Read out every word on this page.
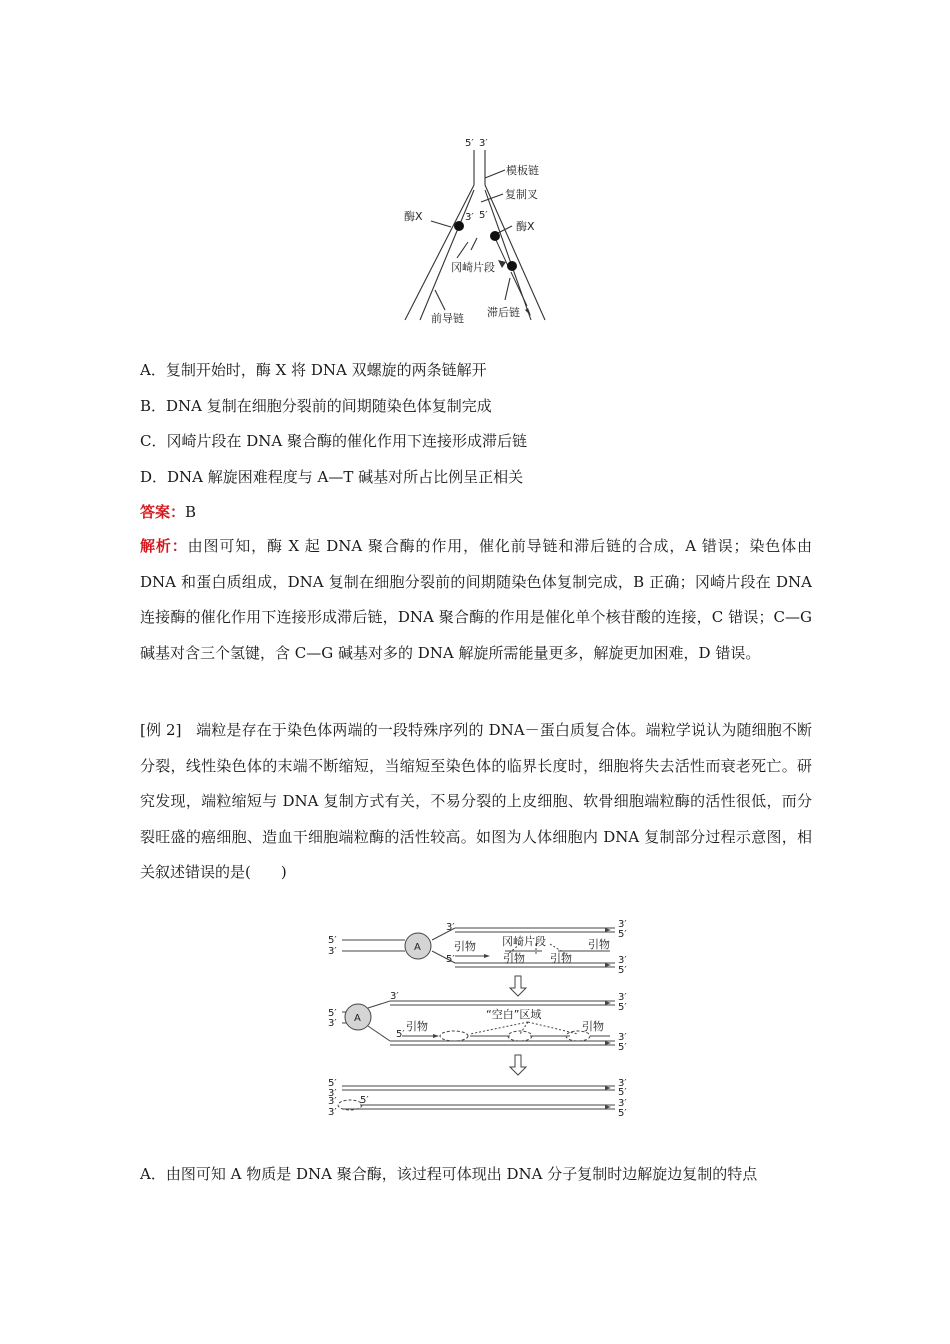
5′ 3′
模板链
复制叉
酶X
酶X
3′ 5′
冈崎片段
前导链 滞后链
A．复制开始时，酶 X 将 DNA 双螺旋的两条链解开
B．DNA 复制在细胞分裂前的间期随染色体复制完成
C．冈崎片段在 DNA 聚合酶的催化作用下连接形成滞后链
D．DNA 解旋困难程度与 A—T 碱基对所占比例呈正相关
答案：B
解析：由图可知，酶 X 起 DNA 聚合酶的作用，催化前导链和滞后链的合成，A 错误；染色体由 DNA 和蛋白质组成，DNA 复制在细胞分裂前的间期随染色体复制完成，B 正确；冈崎片段在 DNA 连接酶的催化作用下连接形成滞后链，DNA 聚合酶的作用是催化单个核苷酸的连接，C 错误；C—G 碱基对含三个氢键，含 C—G 碱基对多的 DNA 解旋所需能量更多，解旋更加困难，D 错误。
[例 2] 端粒是存在于染色体两端的一段特殊序列的 DNA－蛋白质复合体。端粒学说认为随细胞不断分裂，线性染色体的末端不断缩短，当缩短至染色体的临界长度时，细胞将失去活性而衰老死亡。研究发现，端粒缩短与 DNA 复制方式有关，不易分裂的上皮细胞、软骨细胞端粒酶的活性很低，而分裂旺盛的癌细胞、造血干细胞端粒酶的活性较高。如图为人体细胞内 DNA 复制部分过程示意图，相关叙述错误的是(　　)
A
A
5′
3′
3′
5′
3′
5′
3′
5′
引物 冈崎片段
引物 引物
引物
5′
3′
3′
5′
3′
5′
3′
5′
引物
“空白”区域
引物
5′
3′
3′
3′
5′
3′
5′
3′
5′
A．由图可知 A 物质是 DNA 聚合酶，该过程可体现出 DNA 分子复制时边解旋边复制的特点
